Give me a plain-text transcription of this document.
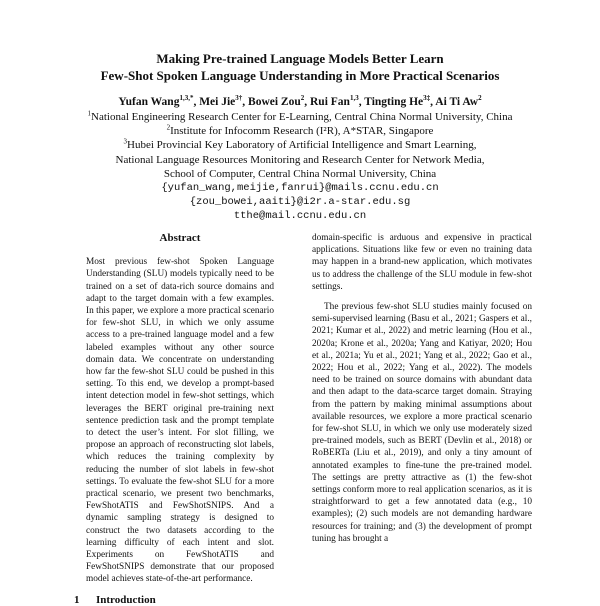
Making Pre-trained Language Models Better Learn
Few-Shot Spoken Language Understanding in More Practical Scenarios
Yufan Wang$^{1,3,*}$, Mei Jie$^{3\dagger}$, Bowei Zou$^2$, Rui Fan$^{1,3}$, Tingting $He^{3\ddagger}$, Ai Ti Aw$^2$
$^1$National Engineering Research Center for E-Learning, Central China Normal University, China
$^2$Institute for Infocomm Research (I²R), A*STAR, Singapore
$^3$Hubei Provincial Key Laboratory of Artificial Intelligence and Smart Learning,
National Language Resources Monitoring and Research Center for Network Media,
School of Computer, Central China Normal University, China
{yufan_wang,meijie,fanrui}@mails.ccnu.edu.cn
{zou_bowei,aaiti}@i2r.a-star.edu.sg
tthe@mail.ccnu.edu.cn
Abstract
Most previous few-shot Spoken Language Understanding (SLU) models typically need to be trained on a set of data-rich source domains and adapt to the target domain with a few examples. In this paper, we explore a more practical scenario for few-shot SLU, in which we only assume access to a pre-trained language model and a few labeled examples without any other source domain data. We concentrate on understanding how far the few-shot SLU could be pushed in this setting. To this end, we develop a prompt-based intent detection model in few-shot settings, which leverages the BERT original pre-training next sentence prediction task and the prompt template to detect the user’s intent. For slot filling, we propose an approach of reconstructing slot labels, which reduces the training complexity by reducing the number of slot labels in few-shot settings. To evaluate the few-shot SLU for a more practical scenario, we present two benchmarks, FewShotATIS and FewShotSNIPS. And a dynamic sampling strategy is designed to construct the two datasets according to the learning difficulty of each intent and slot. Experiments on FewShotATIS and FewShotSNIPS demonstrate that our proposed model achieves state-of-the-art performance.
1 Introduction

domain-specific is arduous and expensive in practical applications. Situations like few or even no training data may happen in a brand-new application, which motivates us to address the challenge of the SLU module in few-shot settings.

The previous few-shot SLU studies mainly focused on semi-supervised learning (Basu et al., 2021; Gaspers et al., 2021; Kumar et al., 2022) and metric learning (Hou et al., 2020a; Krone et al., 2020a; Yang and Katiyar, 2020; Hou et al., 2021a; Yu et al., 2021; Yang et al., 2022; Gao et al., 2022; Hou et al., 2022; Yang et al., 2022). The models need to be trained on source domains with abundant data and then adapt to the data-scarce target domain. Straying from the pattern by making minimal assumptions about available resources, we explore a more practical scenario for few-shot SLU, in which we only use moderately sized pre-trained models, such as BERT (Devlin et al., 2018) or RoBERTa (Liu et al., 2019), and only a tiny amount of annotated examples to fine-tune the pre-trained model. The settings are pretty attractive as (1) the few-shot settings conform more to real application scenarios, as it is straightforward to get a few annotated data (e.g., 10 examples); (2) such models are not demanding hardware resources for training; and (3) the development of prompt tuning has brought a
